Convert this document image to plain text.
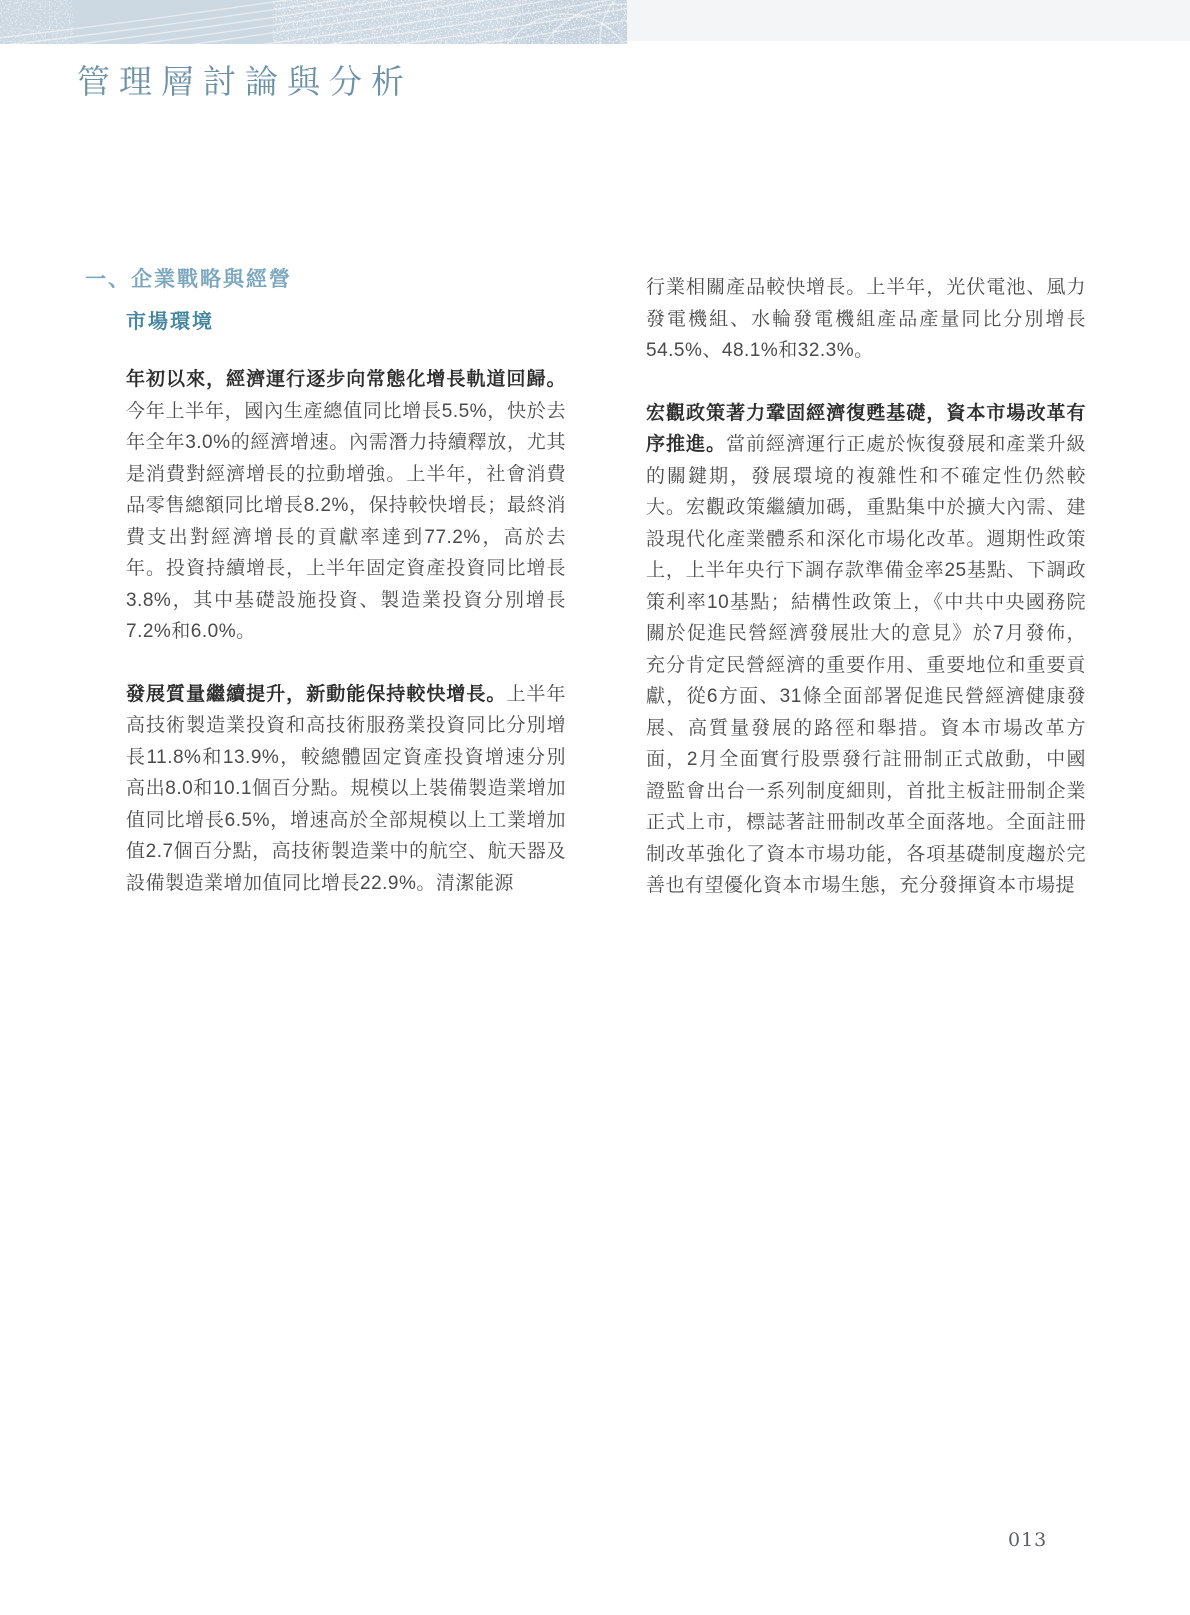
管理層討論與分析
一、企業戰略與經營
市場環境

年初以來，經濟運行逐步向常態化增長軌道回歸。今年上半年，國內生產總值同比增長5.5%，快於去年全年3.0%的經濟增速。內需潛力持續釋放，尤其是消費對經濟增長的拉動增強。上半年，社會消費品零售總額同比增長8.2%，保持較快增長；最終消費支出對經濟增長的貢獻率達到77.2%，高於去年。投資持續增長，上半年固定資產投資同比增長3.8%，其中基礎設施投資、製造業投資分別增長7.2%和6.0%。

發展質量繼續提升，新動能保持較快增長。上半年高技術製造業投資和高技術服務業投資同比分別增長11.8%和13.9%，較總體固定資產投資增速分別高出8.0和10.1個百分點。規模以上裝備製造業增加值同比增長6.5%，增速高於全部規模以上工業增加值2.7個百分點，高技術製造業中的航空、航天器及設備製造業增加值同比增長22.9%。清潔能源

行業相關產品較快增長。上半年，光伏電池、風力發電機組、水輪發電機組產品產量同比分別增長54.5%、48.1%和32.3%。

宏觀政策著力鞏固經濟復甦基礎，資本市場改革有序推進。當前經濟運行正處於恢復發展和產業升級的關鍵期，發展環境的複雜性和不確定性仍然較大。宏觀政策繼續加碼，重點集中於擴大內需、建設現代化產業體系和深化市場化改革。週期性政策上，上半年央行下調存款準備金率25基點、下調政策利率10基點；結構性政策上，《中共中央國務院關於促進民營經濟發展壯大的意見》於7月發佈，充分肯定民營經濟的重要作用、重要地位和重要貢獻，從6方面、31條全面部署促進民營經濟健康發展、高質量發展的路徑和舉措。資本市場改革方面，2月全面實行股票發行註冊制正式啟動，中國證監會出台一系列制度細則，首批主板註冊制企業正式上市，標誌著註冊制改革全面落地。全面註冊制改革強化了資本市場功能，各項基礎制度趨於完善也有望優化資本市場生態，充分發揮資本市場提

013
